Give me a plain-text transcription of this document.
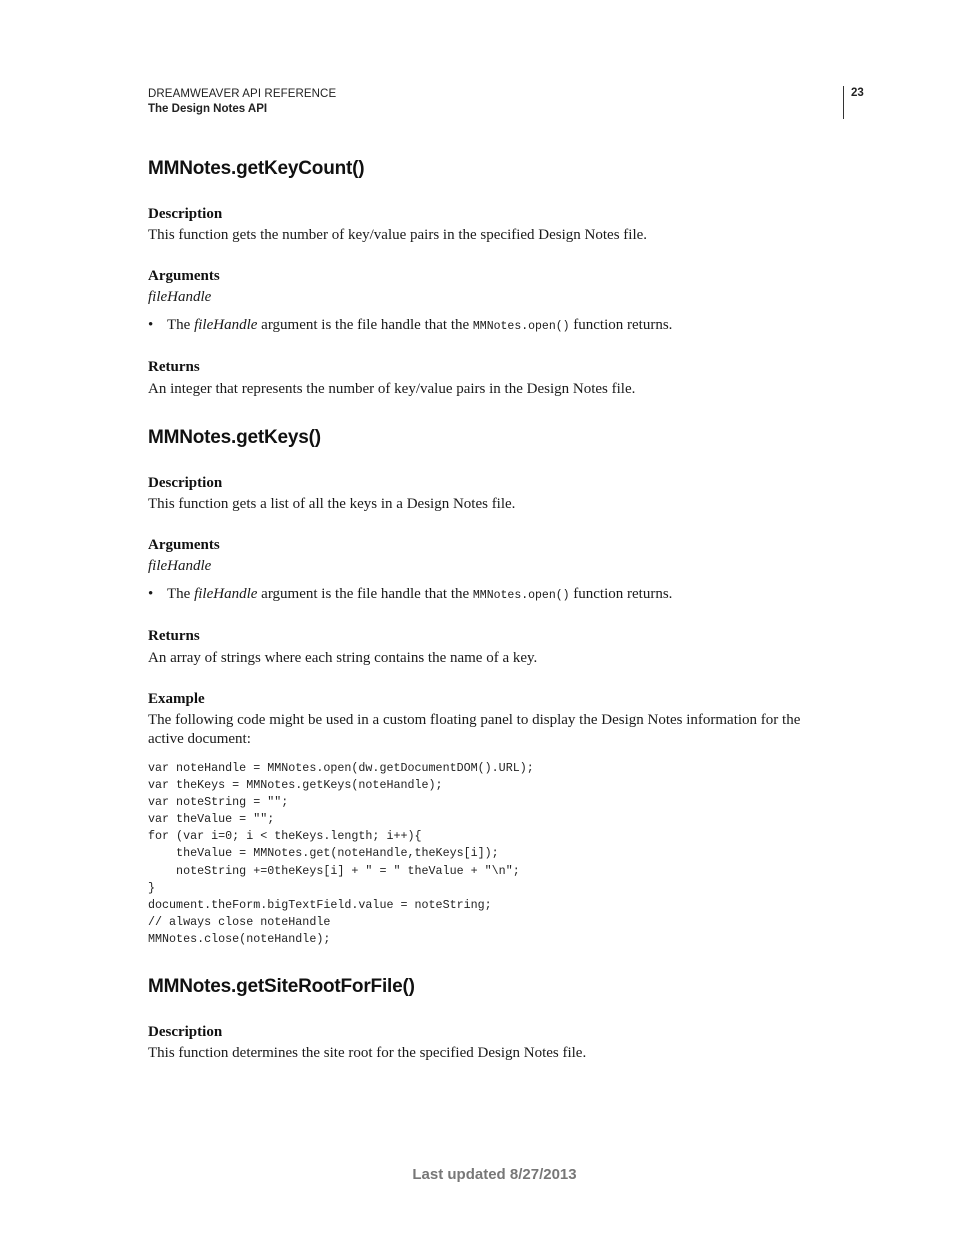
DREAMWEAVER API REFERENCE
The Design Notes API
23
MMNotes.getKeyCount()
Description
This function gets the number of key/value pairs in the specified Design Notes file.
Arguments
fileHandle
• The fileHandle argument is the file handle that the MMNotes.open() function returns.
Returns
An integer that represents the number of key/value pairs in the Design Notes file.
MMNotes.getKeys()
Description
This function gets a list of all the keys in a Design Notes file.
Arguments
fileHandle
• The fileHandle argument is the file handle that the MMNotes.open() function returns.
Returns
An array of strings where each string contains the name of a key.
Example
The following code might be used in a custom floating panel to display the Design Notes information for the active document:
var noteHandle = MMNotes.open(dw.getDocumentDOM().URL);
var theKeys = MMNotes.getKeys(noteHandle);
var noteString = "";
var theValue = "";
for (var i=0; i < theKeys.length; i++){
theValue = MMNotes.get(noteHandle,theKeys[i]);
noteString +=0theKeys[i] + " = " theValue + "\n";
}
document.theForm.bigTextField.value = noteString;
// always close noteHandle
MMNotes.close(noteHandle);
MMNotes.getSiteRootForFile()
Description
This function determines the site root for the specified Design Notes file.
Last updated 8/27/2013
